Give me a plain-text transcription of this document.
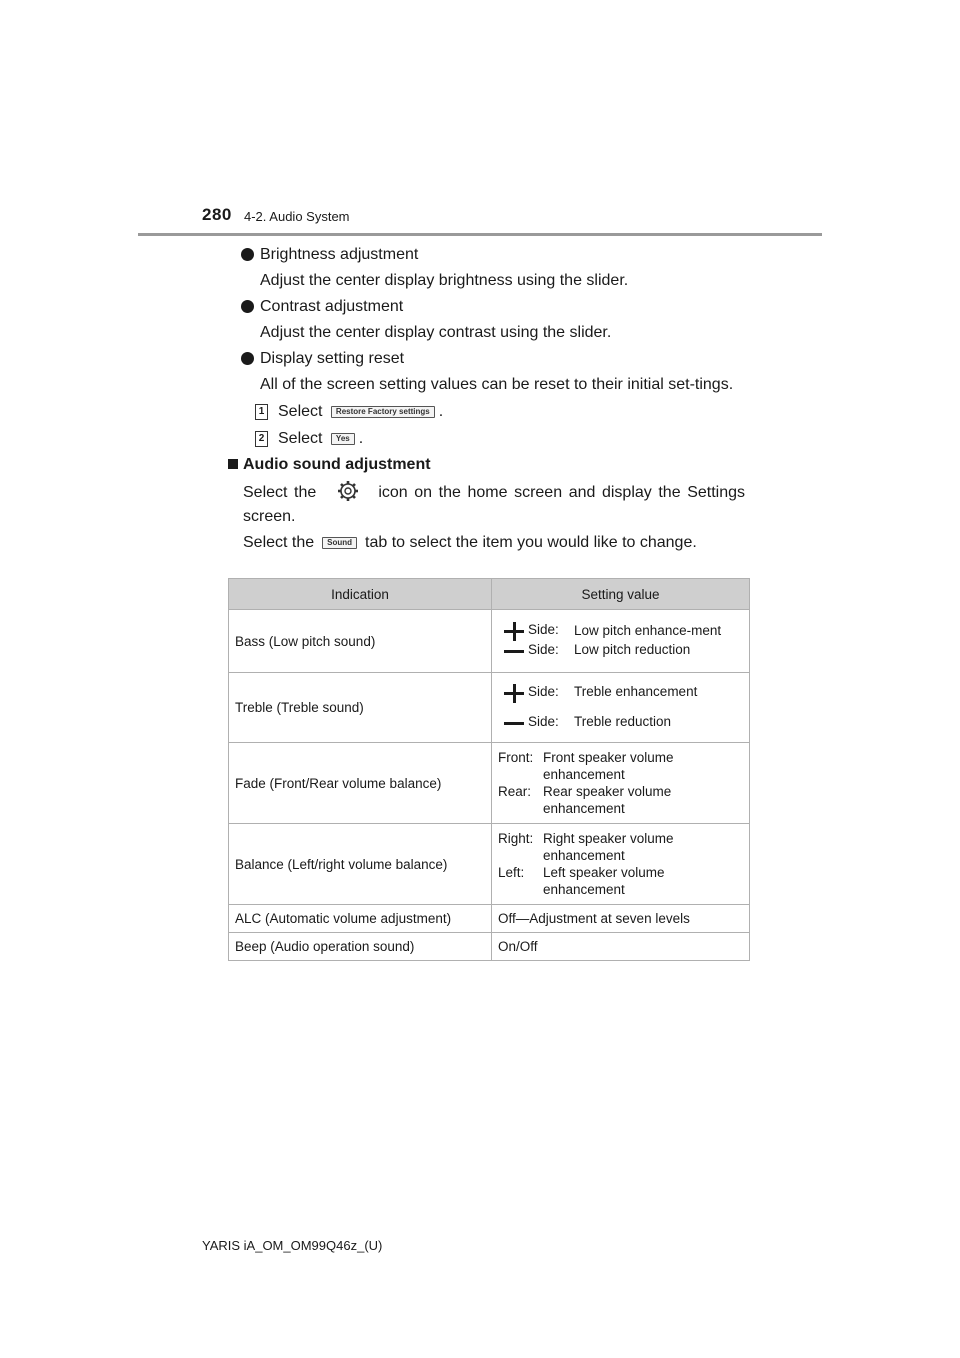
280 4-2. Audio System
Brightness adjustment
Adjust the center display brightness using the slider.
Contrast adjustment
Adjust the center display contrast using the slider.
Display setting reset
All of the screen setting values can be reset to their initial set-tings.
1 Select Restore Factory settings .
2 Select Yes .
Audio sound adjustment
Select the	icon on the home screen and display the Settings screen.
Select the Sound tab to select the item you would like to change.
Indication	Setting value
Bass (Low pitch sound)	Side: Low pitch enhance-ment
Side: Low pitch reduction

Treble (Treble sound)	Side: Treble enhancement
Side: Treble reduction

Fade (Front/Rear volume balance)	Front: Front speaker volume enhancement
Rear: Rear speaker volume enhancement

Balance (Left/right volume balance)	Right: Right speaker volume enhancement
Left: Left speaker volume enhancement

ALC (Automatic volume adjustment)	Off—Adjustment at seven levels
Beep (Audio operation sound)	On/Off
YARIS iA_OM_OM99Q46z_(U)
